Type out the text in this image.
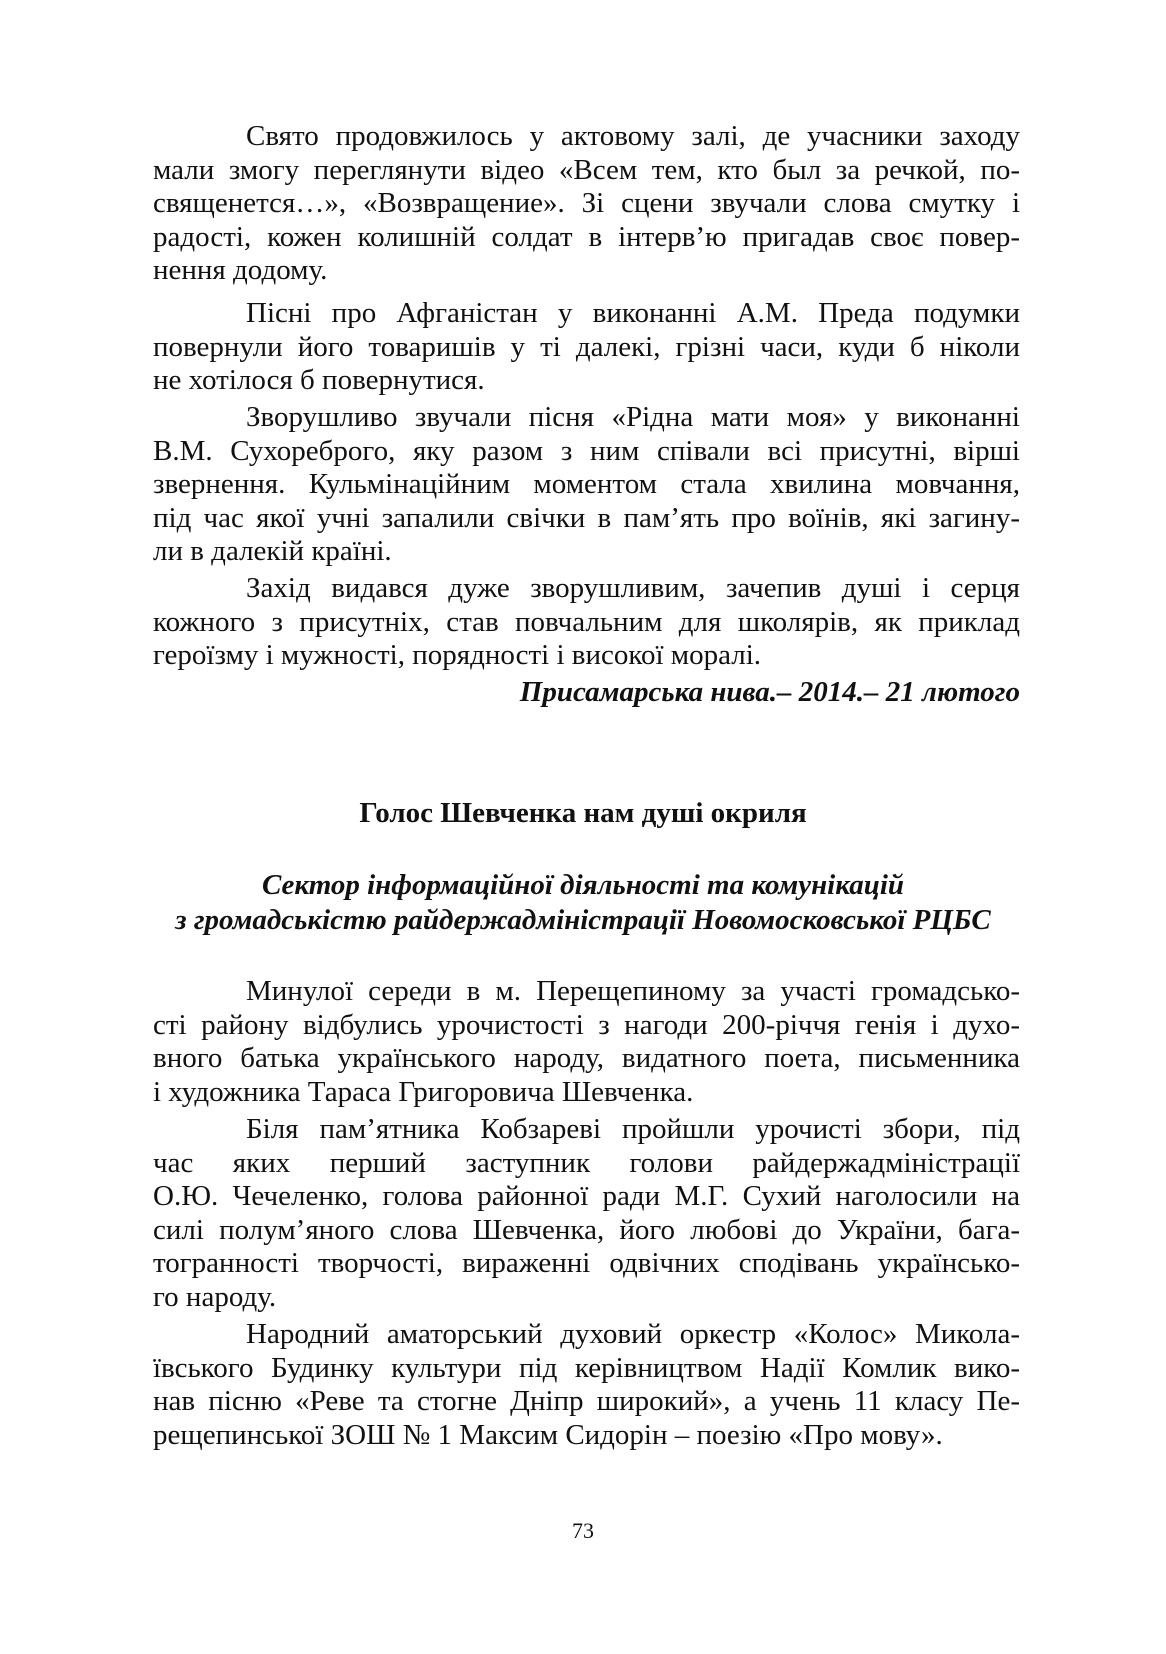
Свято продовжилось у актовому залі, де учасники заходу
мали змогу переглянути відео «Всем тем, кто был за речкой, по-
священется…», «Возвращение». Зі сцени звучали слова смутку і
радості, кожен колишній солдат в інтерв’ю пригадав своє повер-
нення додому.
Пісні про Афганістан у виконанні А.М. Преда подумки
повернули його товаришів у ті далекі, грізні часи, куди б ніколи
не хотілося б повернутися.
Зворушливо звучали пісня «Рідна мати моя» у виконанні
В.М. Сухореброго, яку разом з ним співали всі присутні, вірші
звернення. Кульмінаційним моментом стала хвилина мовчання,
під час якої учні запалили свічки в пам’ять про воїнів, які загину-
ли в далекій країні.
Захід видався дуже зворушливим, зачепив душі і серця
кожного з присутніх, став повчальним для школярів, як приклад
героїзму і мужності, порядності і високої моралі.
Присамарська нива.– 2014.– 21 лютого
Голос Шевченка нам душі окриля
Сектор інформаційної діяльності та комунікацій
з громадськістю райдержадміністрації Новомосковської РЦБС
Минулої середи в м. Перещепиному за участі громадсько-
сті району відбулись урочистості з нагоди 200-річчя генія і духо-
вного батька українського народу, видатного поета, письменника
і художника Тараса Григоровича Шевченка.
Біля пам’ятника Кобзареві пройшли урочисті збори, під
час яких перший заступник голови райдержадміністрації
О.Ю. Чечеленко, голова районної ради М.Г. Сухий наголосили на
силі полум’яного слова Шевченка, його любові до України, бага-
тогранності творчості, вираженні одвічних сподівань українсько-
го народу.
Народний аматорський духовий оркестр «Колос» Микола-
ївського Будинку культури під керівництвом Надії Комлик вико-
нав пісню «Реве та стогне Дніпр широкий», а учень 11 класу Пе-
рещепинської ЗОШ № 1 Максим Сидорін – поезію «Про мову».
73
